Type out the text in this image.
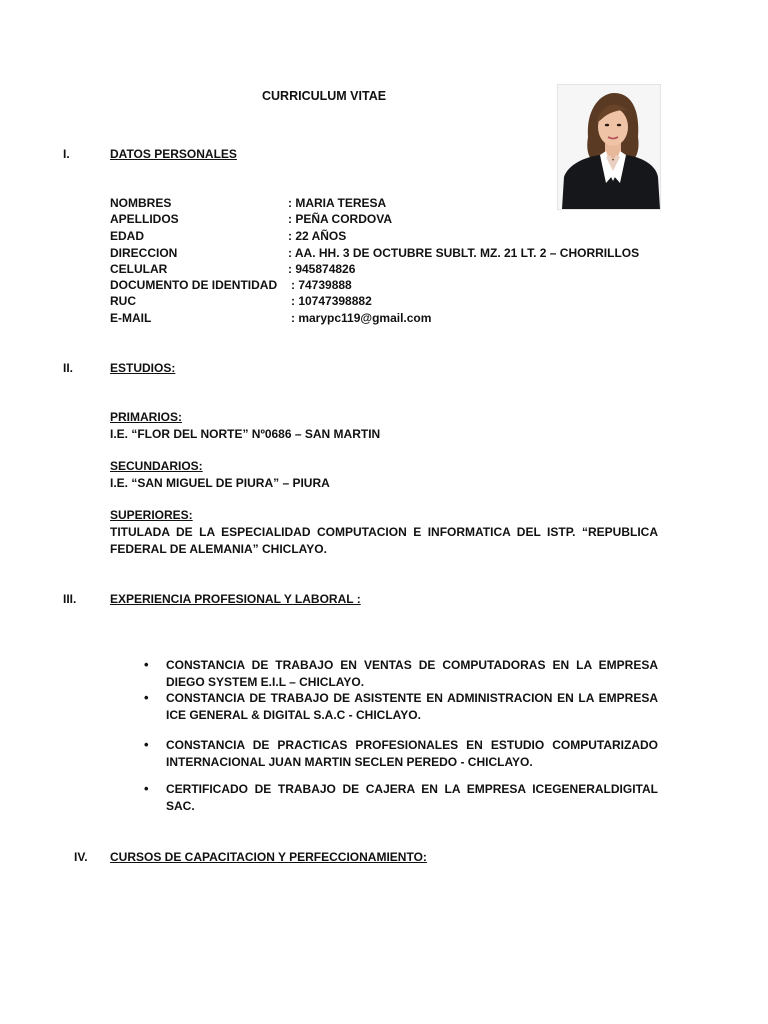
CURRICULUM VITAE
I.	DATOS PERSONALES
NOMBRES	: MARIA TERESA
APELLIDOS	: PEÑA CORDOVA
EDAD	: 22 AÑOS
DIRECCION	: AA. HH. 3 DE OCTUBRE SUBLT. MZ. 21 LT. 2 – CHORRILLOS
CELULAR	: 945874826
DOCUMENTO DE IDENTIDAD : 74739888
RUC	: 10747398882
E-MAIL	: marypc119@gmail.com
II.	ESTUDIOS:
PRIMARIOS:
I.E. “FLOR DEL NORTE” Nº0686 – SAN MARTIN
SECUNDARIOS:
I.E. “SAN MIGUEL DE PIURA” – PIURA
SUPERIORES:
TITULADA DE LA ESPECIALIDAD COMPUTACION E INFORMATICA DEL ISTP. “REPUBLICA FEDERAL DE ALEMANIA” CHICLAYO.
III.	EXPERIENCIA PROFESIONAL Y LABORAL :
• CONSTANCIA DE TRABAJO EN VENTAS DE COMPUTADORAS EN LA EMPRESA DIEGO SYSTEM E.I.L – CHICLAYO.
• CONSTANCIA DE TRABAJO DE ASISTENTE EN ADMINISTRACION EN LA EMPRESA ICE GENERAL & DIGITAL S.A.C - CHICLAYO.
• CONSTANCIA DE PRACTICAS PROFESIONALES EN ESTUDIO COMPUTARIZADO INTERNACIONAL JUAN MARTIN SECLEN PEREDO - CHICLAYO.
• CERTIFICADO DE TRABAJO DE CAJERA EN LA EMPRESA ICEGENERALDIGITAL SAC.
IV. CURSOS DE CAPACITACION Y PERFECCIONAMIENTO:
